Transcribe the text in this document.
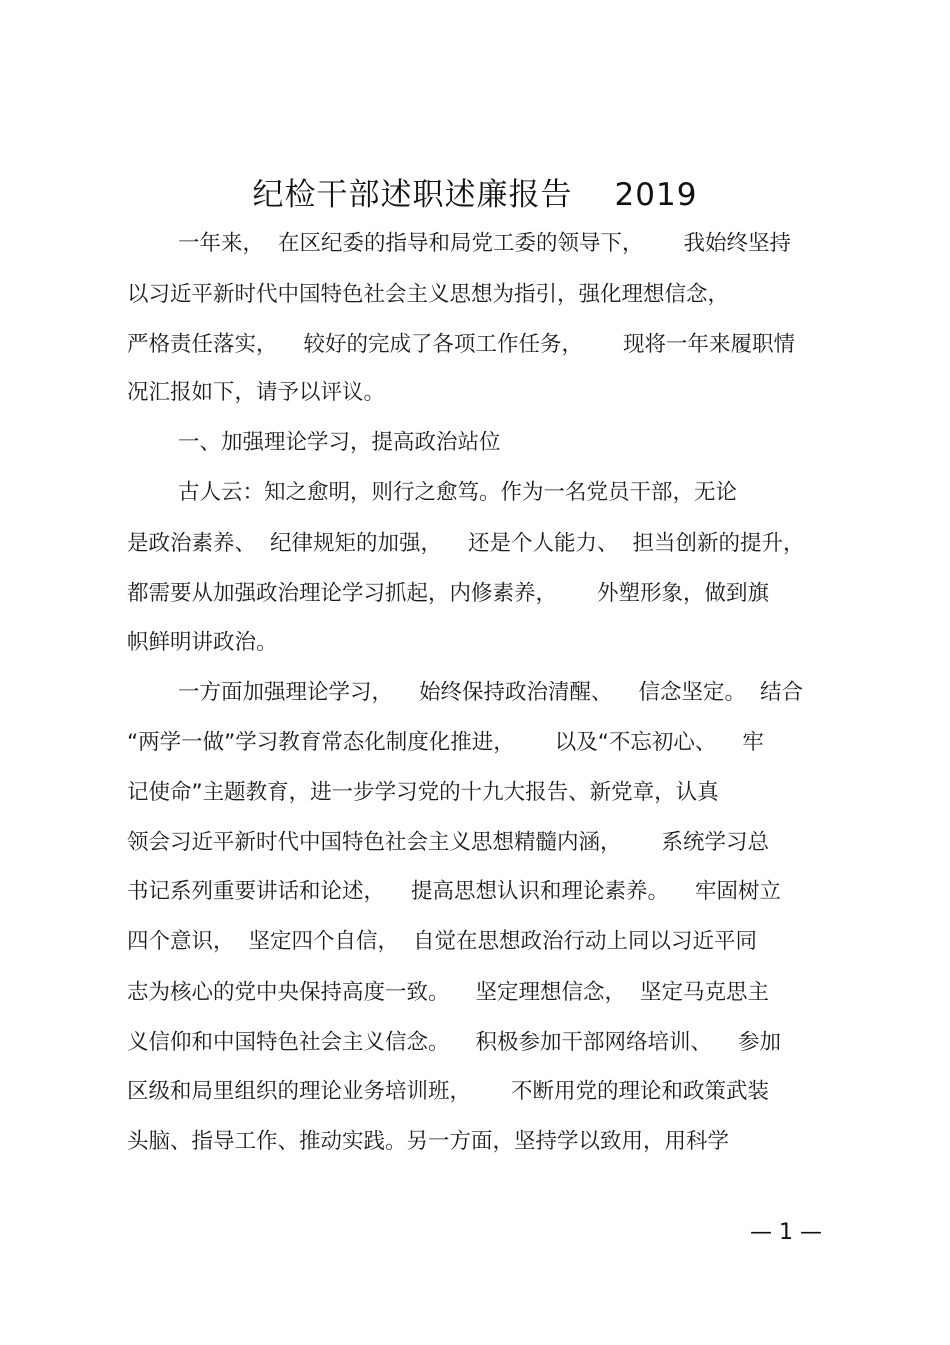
纪检干部述职述廉报告 2019
一年来， 在区纪委的指导和局党工委的领导下， 我始终坚持
以习近平新时代中国特色社会主义思想为指引，强化理想信念，
严格责任落实， 较好的完成了各项工作任务， 现将一年来履职情
况汇报如下，请予以评议。
一、加强理论学习，提高政治站位
古人云：知之愈明，则行之愈笃。作为一名党员干部，无论
是政治素养、 纪律规矩的加强， 还是个人能力、 担当创新的提升，
都需要从加强政治理论学习抓起，内修素养， 外塑形象，做到旗
帜鲜明讲政治。
一方面加强理论学习， 始终保持政治清醒、 信念坚定。 结合
“两学一做”学习教育常态化制度化推进， 以及“不忘初心、 牢
记使命”主题教育，进一步学习党的十九大报告、新党章，认真
领会习近平新时代中国特色社会主义思想精髓内涵， 系统学习总
书记系列重要讲话和论述， 提高思想认识和理论素养。 牢固树立
四个意识， 坚定四个自信， 自觉在思想政治行动上同以习近平同
志为核心的党中央保持高度一致。 坚定理想信念， 坚定马克思主
义信仰和中国特色社会主义信念。 积极参加干部网络培训、 参加
区级和局里组织的理论业务培训班， 不断用党的理论和政策武装
头脑、指导工作、推动实践。另一方面，坚持学以致用，用科学
— 1 —
